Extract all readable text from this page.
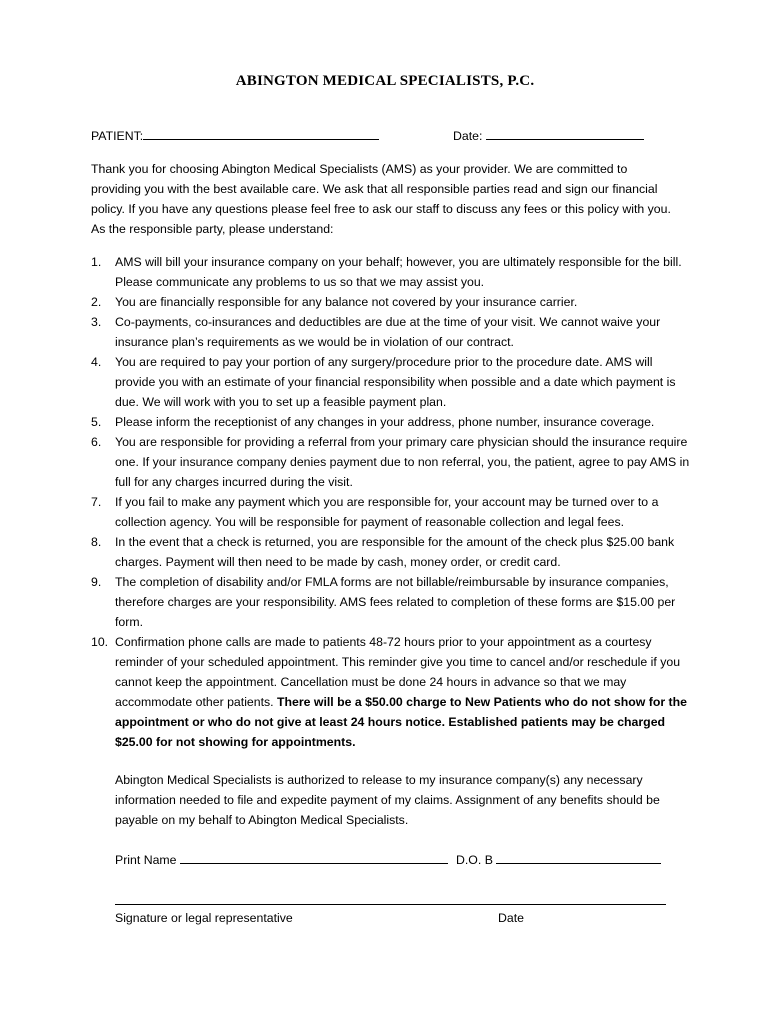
ABINGTON MEDICAL SPECIALISTS, P.C.
PATIENT:	Date:
Thank you for choosing Abington Medical Specialists (AMS) as your provider. We are committed to providing you with the best available care. We ask that all responsible parties read and sign our financial policy. If you have any questions please feel free to ask our staff to discuss any fees or this policy with you. As the responsible party, please understand:
1. AMS will bill your insurance company on your behalf; however, you are ultimately responsible for the bill. Please communicate any problems to us so that we may assist you.
2. You are financially responsible for any balance not covered by your insurance carrier.
3. Co-payments, co-insurances and deductibles are due at the time of your visit. We cannot waive your insurance plan’s requirements as we would be in violation of our contract.
4. You are required to pay your portion of any surgery/procedure prior to the procedure date. AMS will provide you with an estimate of your financial responsibility when possible and a date which payment is due. We will work with you to set up a feasible payment plan.
5. Please inform the receptionist of any changes in your address, phone number, insurance coverage.
6. You are responsible for providing a referral from your primary care physician should the insurance require one. If your insurance company denies payment due to non referral, you, the patient, agree to pay AMS in full for any charges incurred during the visit.
7. If you fail to make any payment which you are responsible for, your account may be turned over to a collection agency. You will be responsible for payment of reasonable collection and legal fees.
8. In the event that a check is returned, you are responsible for the amount of the check plus $25.00 bank charges. Payment will then need to be made by cash, money order, or credit card.
9. The completion of disability and/or FMLA forms are not billable/reimbursable by insurance companies, therefore charges are your responsibility. AMS fees related to completion of these forms are $15.00 per form.
10. Confirmation phone calls are made to patients 48-72 hours prior to your appointment as a courtesy reminder of your scheduled appointment. This reminder give you time to cancel and/or reschedule if you cannot keep the appointment. Cancellation must be done 24 hours in advance so that we may accommodate other patients. There will be a $50.00 charge to New Patients who do not show for the appointment or who do not give at least 24 hours notice. Established patients may be charged $25.00 for not showing for appointments.
Abington Medical Specialists is authorized to release to my insurance company(s) any necessary information needed to file and expedite payment of my claims. Assignment of any benefits should be payable on my behalf to Abington Medical Specialists.
Print Name	D.O. B
Signature or legal representative	Date
